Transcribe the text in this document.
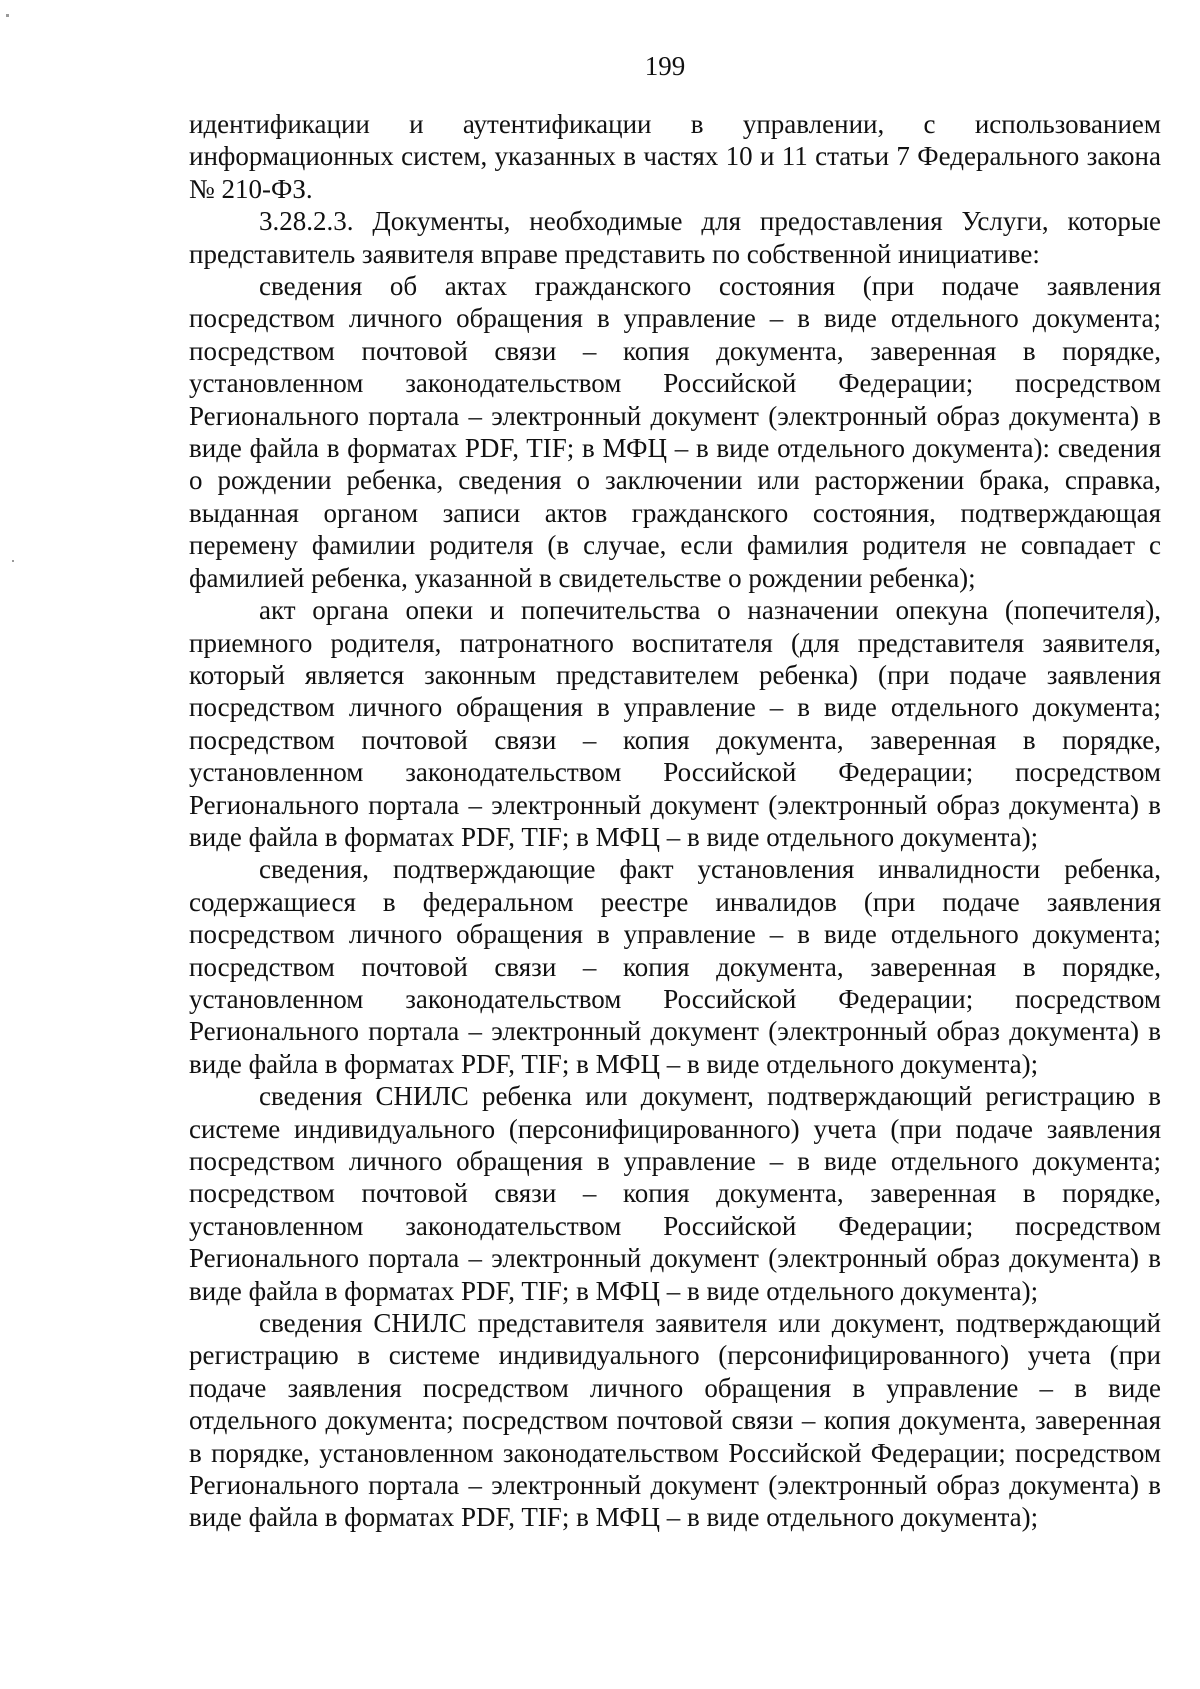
199

идентификации и аутентификации в управлении, с использованием информационных систем, указанных в частях 10 и 11 статьи 7 Федерального закона № 210-ФЗ.

3.28.2.3. Документы, необходимые для предоставления Услуги, которые представитель заявителя вправе представить по собственной инициативе:

сведения об актах гражданского состояния (при подаче заявления посредством личного обращения в управление – в виде отдельного документа; посредством почтовой связи – копия документа, заверенная в порядке, установленном законодательством Российской Федерации; посредством Регионального портала – электронный документ (электронный образ документа) в виде файла в форматах PDF, TIF; в МФЦ – в виде отдельного документа): сведения о рождении ребенка, сведения о заключении или расторжении брака, справка, выданная органом записи актов гражданского состояния, подтверждающая перемену фамилии родителя (в случае, если фамилия родителя не совпадает с фамилией ребенка, указанной в свидетельстве о рождении ребенка);

акт органа опеки и попечительства о назначении опекуна (попечителя), приемного родителя, патронатного воспитателя (для представителя заявителя, который является законным представителем ребенка) (при подаче заявления посредством личного обращения в управление – в виде отдельного документа; посредством почтовой связи – копия документа, заверенная в порядке, установленном законодательством Российской Федерации; посредством Регионального портала – электронный документ (электронный образ документа) в виде файла в форматах PDF, TIF; в МФЦ – в виде отдельного документа);

сведения, подтверждающие факт установления инвалидности ребенка, содержащиеся в федеральном реестре инвалидов (при подаче заявления посредством личного обращения в управление – в виде отдельного документа; посредством почтовой связи – копия документа, заверенная в порядке, установленном законодательством Российской Федерации; посредством Регионального портала – электронный документ (электронный образ документа) в виде файла в форматах PDF, TIF; в МФЦ – в виде отдельного документа);

сведения СНИЛС ребенка или документ, подтверждающий регистрацию в системе индивидуального (персонифицированного) учета (при подаче заявления посредством личного обращения в управление – в виде отдельного документа; посредством почтовой связи – копия документа, заверенная в порядке, установленном законодательством Российской Федерации; посредством Регионального портала – электронный документ (электронный образ документа) в виде файла в форматах PDF, TIF; в МФЦ – в виде отдельного документа);

сведения СНИЛС представителя заявителя или документ, подтверждающий регистрацию в системе индивидуального (персонифицированного) учета (при подаче заявления посредством личного обращения в управление – в виде отдельного документа; посредством почтовой связи – копия документа, заверенная в порядке, установленном законодательством Российской Федерации; посредством Регионального портала – электронный документ (электронный образ документа) в виде файла в форматах PDF, TIF; в МФЦ – в виде отдельного документа);
